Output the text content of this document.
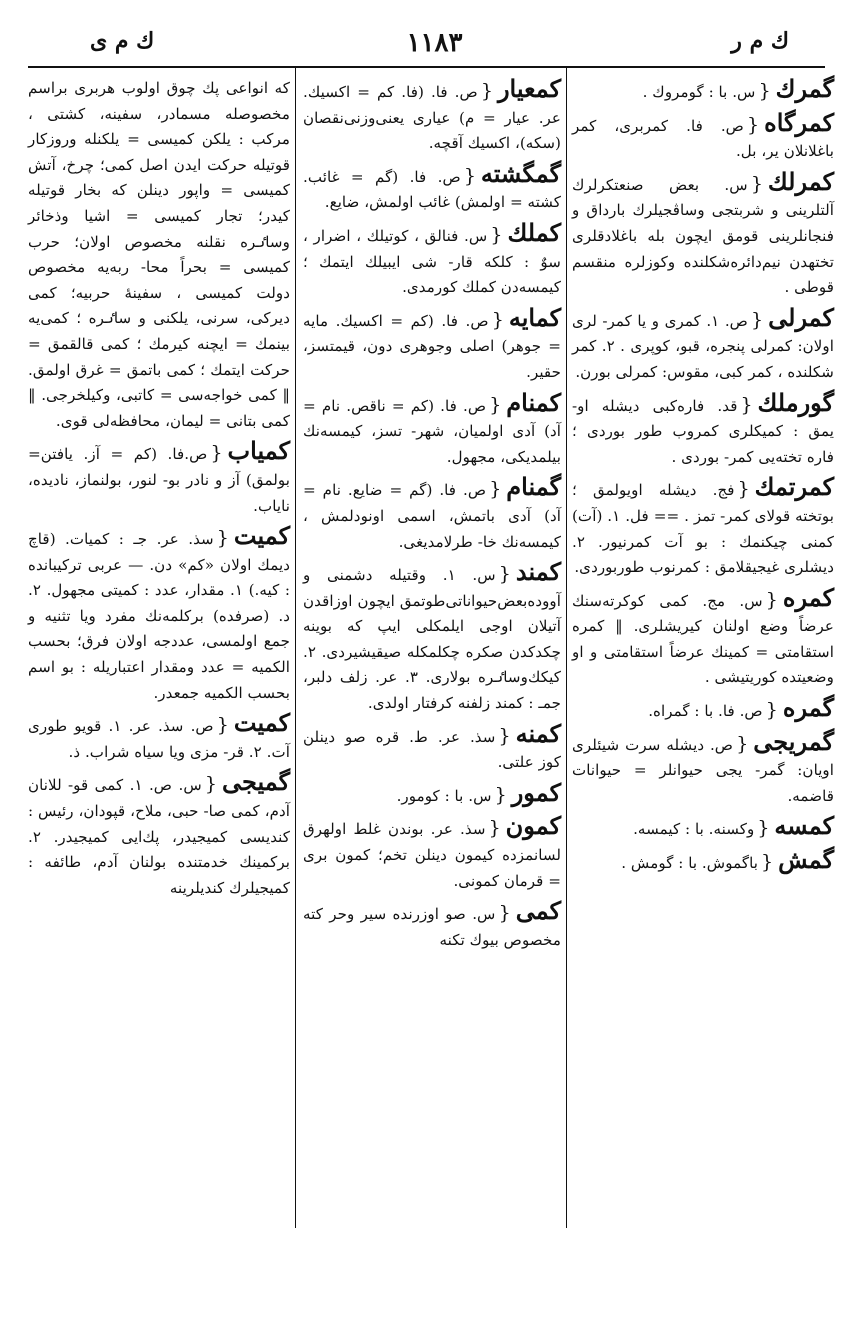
ك م ر
١١٨٣
ك م ى
گمرك{س. با : گومروك .
كمرگاه{ص. فا. كمربری، كمر باغلانلان یر، بل.
كمرلك{س. بعض صنعتكرلرك آلتلرینی و شربتجی وساڤجیلرك بارداق و فنجانلرینی قومق ایچون بله باغلادقلری تختهدن نیم‌دائره‌شكلنده وكوزلره منقسم قوطی .
كمرلی{ص. ١. كمری و یا كمر- لری اولان: كمرلی پنجره، قبو، كوپری . ٢. كمر شكلنده ، كمر كبی، مقوس: كمرلی بورن.
گورملك{قد. فاره‌كبی دیشله او- یمق : كمیكلری كمروب طور بوردی ؛ فاره تخته‌یی كمر- بوردی .
كمرتمك{فج. دیشله اویولمق ؛ بوتخته قولای كمر- تمز . == فل. ١. (آت) كمنی چیكنمك : بو آت كمرنیور. ٢. دیشلری غیجیقلامق : كمرنوب طوربوردی.
كمره{س. مج. كمی كوكرته‌سنك عرضاً وضع اولنان كیریشلری. ‖ كمره استقامتی = كمینك عرضاً استقامتی و او وضعیتده كوریتیشی .
گمره{ص. فا. با : گمراه.
گمریجی{ص. دیشله سرت شیئلری اویان: گمر- یجی حیوانلر = حیوانات قاضمه.
كمسه{وكسنه. با : كیمسه.
گمش{باگموش. با : گومش .
كمعیار{ص. فا. (فا. كم = اكسیك. عر. عیار = م) عیاری یعنی‌وزنی‌نقصان (سكه)، اكسیك آقچه.
گمگشته{ص. فا. (گم = غائب. كشته = اولمش) غائب اولمش، ضایع.
كملك{س. فنالق ، كوتیلك ، اضرار ، سوٌ : كلكه قار- شی ایبیلك ایتمك ؛ كیمسه‌دن كملك كورمدی.
كمایه{ص. فا. (كم = اكسیك. مایه = جوهر) اصلی وجوهری دون، قیمتسز، حقیر.
كمنام{ص. فا. (كم = ناقص. نام = آد) آدی اولمیان، شهر- تسز، كیمسه‌نك بیلمدیكی، مجهول.
گمنام{ص. فا. (گم = ضایع. نام = آد) آدی باتمش، اسمی اونودلمش ، كیمسه‌نك خا- طرلامدیغی.
كمند{س. ١. وقتیله دشمنی و آووده‌بعض‌حیواناتی‌طوتمق ایچون اوزاقدن آتیلان اوجی ایلمكلی ایپ كه بوینه چكدكدن صكره چكلمكله صیقیشیردی. ٢. كیكك‌وساٸره بولاری. ٣. عر. زلف دلبر، جمـ : كمند زلفنه كرفتار اولدی.
كمنه{سذ. عر. ط. قره صو دینلن كوز علتی.
كمور{س. با : كومور.
كمون{سذ. عر. بوندن غلط اولهرق لسانمزده كیمون دینلن تخم؛ كمون بری = قرمان كمونی.
كمی{س. صو اوزرنده سیر وحر كته مخصوص بیوك تكنه
كه انواعی پك چوق اولوب هربری براسم مخصوصله مسمادر، سفینه، كشتی ، مركب : یلكن كمیسی = یلكنله وروزكار قوتیله حركت ایدن اصل كمی؛ چرخ، آتش كمیسی = واپور دینلن كه بخار قوتیله كیدر؛ تجار كمیسی = اشیا وذخائر وساٸره نقلنه مخصوص اولان؛ حرب كمیسی = بحراً محا- ربه‌یه مخصوص دولت كمیسی ، سفینهٔ حربیه؛ كمی دیركی، سرنی، یلكنی و ساٸره ؛ كمی‌یه بینمك = ایچنه كیرمك ؛ كمی قالقمق = حركت ایتمك ؛ كمی باتمق = غرق اولمق. ‖ كمی خواجه‌سی = كاتبی، وكیلخرجی. ‖ كمی بتانی = لیمان، محافظه‌لی قوی.
كمیاب{ص.فا. (كم = آز. یافتن= بولمق) آز و نادر بو- لنور، بولنماز، نادیده، نایاب.
كمیت{سذ. عر. جـ : كمیات. (قاچ دیمك اولان «كم» دن. — عربی تركیبانده : كیه.) ١. مقدار، عدد : كمیتی مجهول. ٢. ‌د. (صرفده) بركلمه‌نك مفرد ویا تثنیه و جمع اولمسی، عددجه اولان فرق؛ بحسب الكمیه = عدد ومقدار اعتباریله : بو اسم بحسب الكمیه جمعدر.
كمیت{ص. سذ. عر. ١. قویو طوری آت. ٢. قر- مزی ویا سیاه شراب. ذ.
گمیجی{س. ص. ١. كمی قو- للانان آدم، كمی صا- حبی، ملاح، قپودان، رئیس : كندیسی كمیجیدر، پك‌ایی كمیجیدر. ٢. بركمینك خدمتنده بولنان آدم، طائفه : كمیجیلرك كندیلرینه
